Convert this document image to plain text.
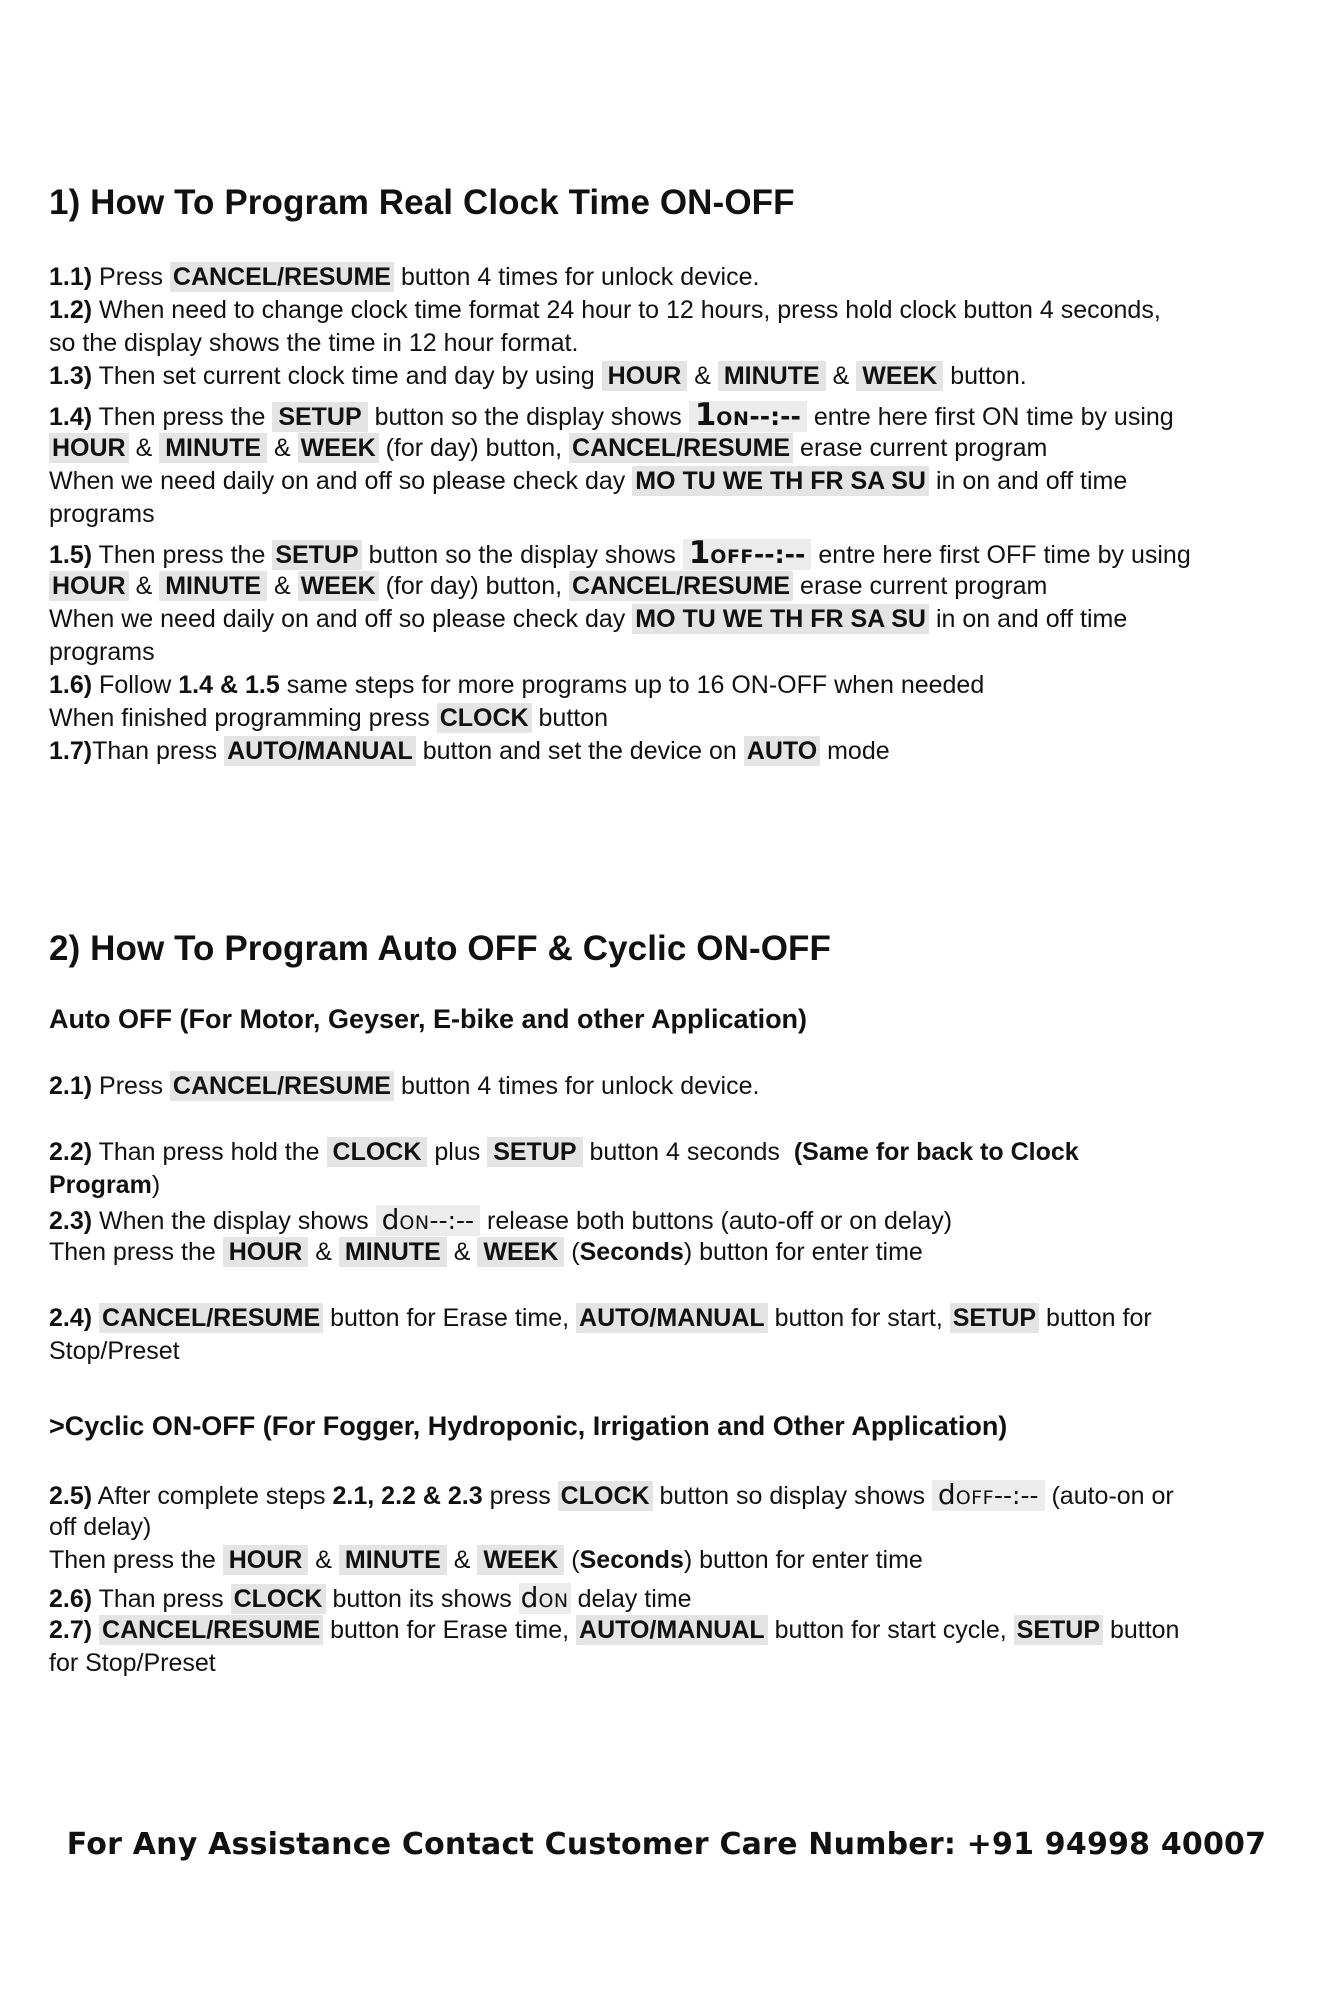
1) How To Program Real Clock Time ON-OFF
1.1) Press CANCEL/RESUME button 4 times for unlock device.
1.2) When need to change clock time format 24 hour to 12 hours, press hold clock button 4 seconds,
so the display shows the time in 12 hour format.
1.3) Then set current clock time and day by using HOUR & MINUTE & WEEK button.
1.4) Then press the SETUP button so the display shows 1ON--:-- entre here first ON time by using
HOUR & MINUTE & WEEK (for day) button, CANCEL/RESUME erase current program
When we need daily on and off so please check day MO TU WE TH FR SA SU in on and off time
programs
1.5) Then press the SETUP button so the display shows 1OFF--:-- entre here first OFF time by using
HOUR & MINUTE & WEEK (for day) button, CANCEL/RESUME erase current program
When we need daily on and off so please check day MO TU WE TH FR SA SU in on and off time
programs
1.6) Follow 1.4 & 1.5 same steps for more programs up to 16 ON-OFF when needed
When finished programming press CLOCK button
1.7)Than press AUTO/MANUAL button and set the device on AUTO mode
2) How To Program Auto OFF & Cyclic ON-OFF
Auto OFF (For Motor, Geyser, E-bike and other Application)
2.1) Press CANCEL/RESUME button 4 times for unlock device.
2.2) Than press hold the CLOCK plus SETUP button 4 seconds (Same for back to Clock
Program)
2.3) When the display shows dON--:-- release both buttons (auto-off or on delay)
Then press the HOUR & MINUTE & WEEK (Seconds) button for enter time
2.4) CANCEL/RESUME button for Erase time, AUTO/MANUAL button for start, SETUP button for
Stop/Preset
>Cyclic ON-OFF (For Fogger, Hydroponic, Irrigation and Other Application)
2.5) After complete steps 2.1, 2.2 & 2.3 press CLOCK button so display shows dOFF--:-- (auto-on or
off delay)
Then press the HOUR & MINUTE & WEEK (Seconds) button for enter time
2.6) Than press CLOCK button its shows dON delay time
2.7) CANCEL/RESUME button for Erase time, AUTO/MANUAL button for start cycle, SETUP button
for Stop/Preset
For Any Assistance Contact Customer Care Number: +91 94998 40007
